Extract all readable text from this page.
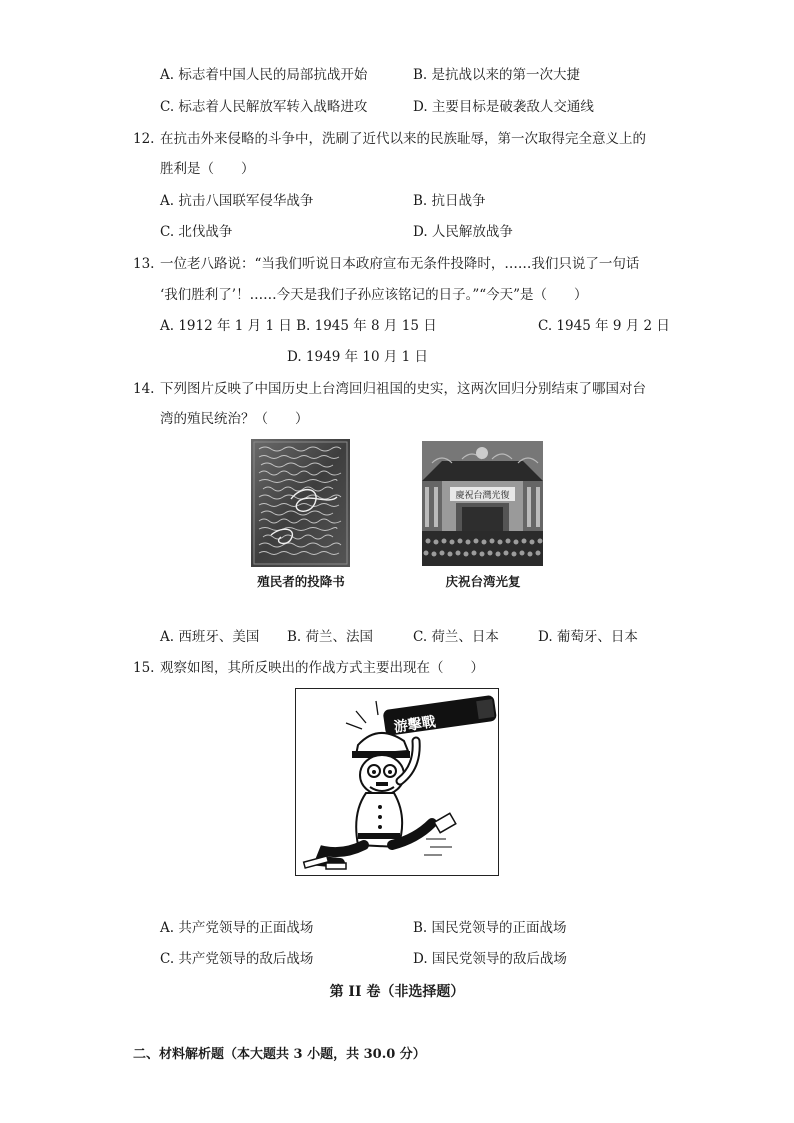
A. 标志着中国人民的局部抗战开始	B. 是抗战以来的第一次大捷
C. 标志着人民解放军转入战略进攻	D. 主要目标是破袭敌人交通线
12. 在抗击外来侵略的斗争中，洗刷了近代以来的民族耻辱，第一次取得完全意义上的
胜利是（　　）
A. 抗击八国联军侵华战争	B. 抗日战争
C. 北伐战争	D. 人民解放战争
13. 一位老八路说：“当我们听说日本政府宣布无条件投降时，……我们只说了一句话
‘我们胜利了’！……今天是我们子孙应该铭记的日子。”“今天”是（　　）
A. 1912 年 1 月 1 日 B. 1945 年 8 月 15 日	C. 1945 年 9 月 2 日
D. 1949 年 10 月 1 日
14. 下列图片反映了中国历史上台湾回归祖国的史实，这两次回归分别结束了哪国对台
湾的殖民统治？（　　）
殖民者的投降书
慶祝台灣光復
庆祝台湾光复
A. 西班牙、美国 B. 荷兰、法国	C. 荷兰、日本	D. 葡萄牙、日本
15. 观察如图，其所反映出的作战方式主要出现在（　　）
游擊戰
A. 共产党领导的正面战场	B. 国民党领导的正面战场
C. 共产党领导的敌后战场	D. 国民党领导的敌后战场
第 II 卷（非选择题）
二、材料解析题（本大题共 3 小题，共 30.0 分）
